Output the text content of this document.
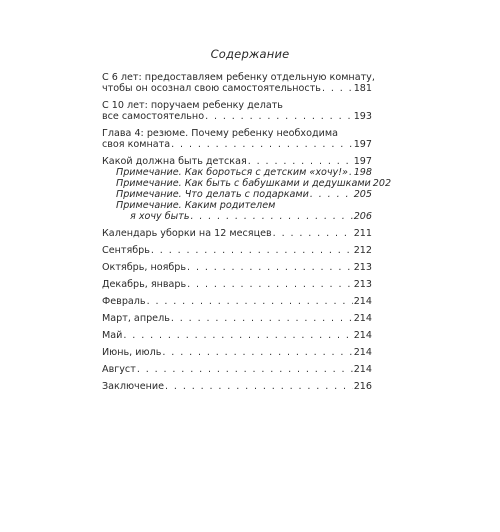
Содержание
С 6 лет: предоставляем ребенку отдельную комнату,
чтобы он осознал свою самостоятельность . . .	181
С 10 лет: поручаем ребенку делать
все самостоятельно . . .	193
Глава 4: резюме. Почему ребенку необходима
своя комната . . .	197
Какой должна быть детская . . .	197
Примечание. Как бороться с детским «хочу!» . . . 198
Примечание. Как быть с бабушками и дедушками 202
Примечание. Что делать с подарками . . .	205
Примечание. Каким родителем
я хочу быть . . .	206
Календарь уборки на 12 месяцев . . .	211
Сентябрь . . .	212
Октябрь, ноябрь . . .	213
Декабрь, январь . . .	213
Февраль . . .	214
Март, апрель . . .	214
Май . . .	214
Июнь, июль . . .	214
Август . . .	214
Заключение . . .	216
